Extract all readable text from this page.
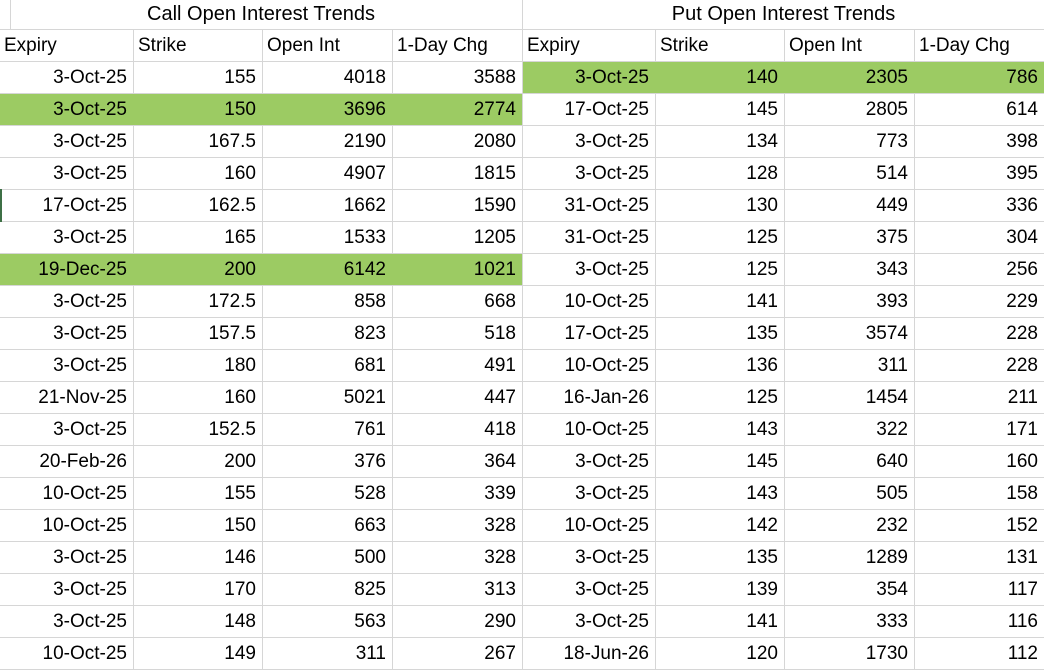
Call Open Interest Trends
Expiry	Strike	Open Int	1-Day Chg
3-Oct-25	155	4018	3588
3-Oct-25	150	3696	2774
3-Oct-25	167.5	2190	2080
3-Oct-25	160	4907	1815
17-Oct-25	162.5	1662	1590
3-Oct-25	165	1533	1205
19-Dec-25	200	6142	1021
3-Oct-25	172.5	858	668
3-Oct-25	157.5	823	518
3-Oct-25	180	681	491
21-Nov-25	160	5021	447
3-Oct-25	152.5	761	418
20-Feb-26	200	376	364
10-Oct-25	155	528	339
10-Oct-25	150	663	328
3-Oct-25	146	500	328
3-Oct-25	170	825	313
3-Oct-25	148	563	290
10-Oct-25	149	311	267
Put Open Interest Trends
Expiry	Strike	Open Int	1-Day Chg
3-Oct-25	140	2305	786
17-Oct-25	145	2805	614
3-Oct-25	134	773	398
3-Oct-25	128	514	395
31-Oct-25	130	449	336
31-Oct-25	125	375	304
3-Oct-25	125	343	256
10-Oct-25	141	393	229
17-Oct-25	135	3574	228
10-Oct-25	136	311	228
16-Jan-26	125	1454	211
10-Oct-25	143	322	171
3-Oct-25	145	640	160
3-Oct-25	143	505	158
10-Oct-25	142	232	152
3-Oct-25	135	1289	131
3-Oct-25	139	354	117
3-Oct-25	141	333	116
18-Jun-26	120	1730	112
